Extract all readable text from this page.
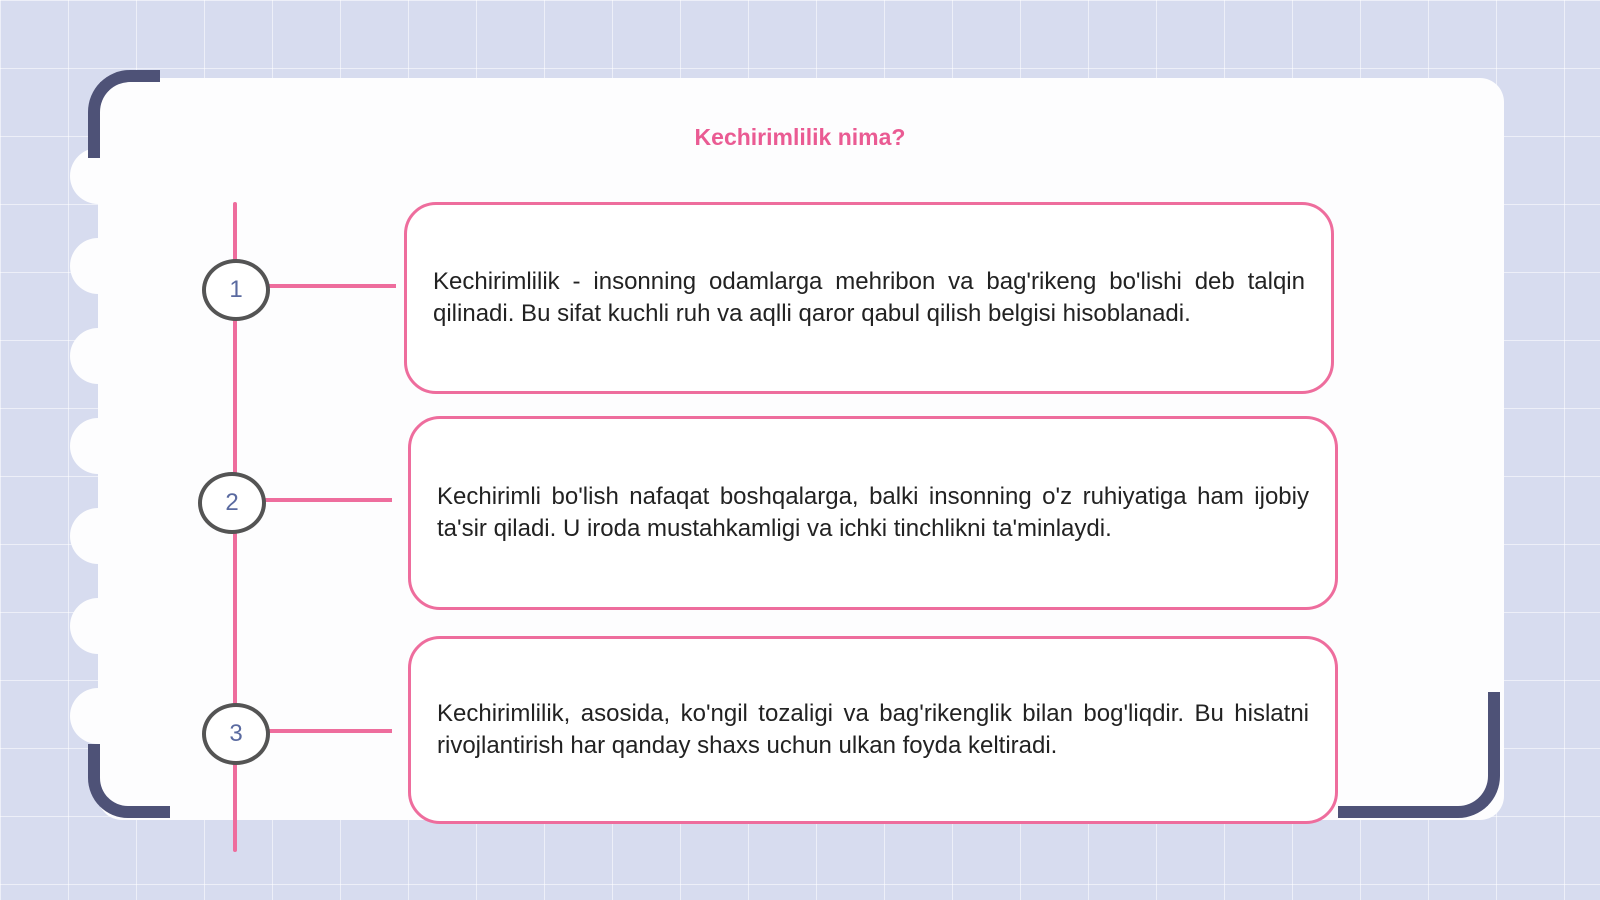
Kechirimlilik nima?
1
2
3

Kechirimlilik - insonning odamlarga mehribon va bag'rikeng bo'lishi deb talqin qilinadi. Bu sifat kuchli ruh va aqlli qaror qabul qilish belgisi hisoblanadi.

Kechirimli bo'lish nafaqat boshqalarga, balki insonning o'z ruhiyatiga ham ijobiy ta'sir qiladi. U iroda mustahkamligi va ichki tinchlikni ta'minlaydi.

Kechirimlilik, asosida, ko'ngil tozaligi va bag'rikenglik bilan bog'liqdir. Bu hislatni rivojlantirish har qanday shaxs uchun ulkan foyda keltiradi.
